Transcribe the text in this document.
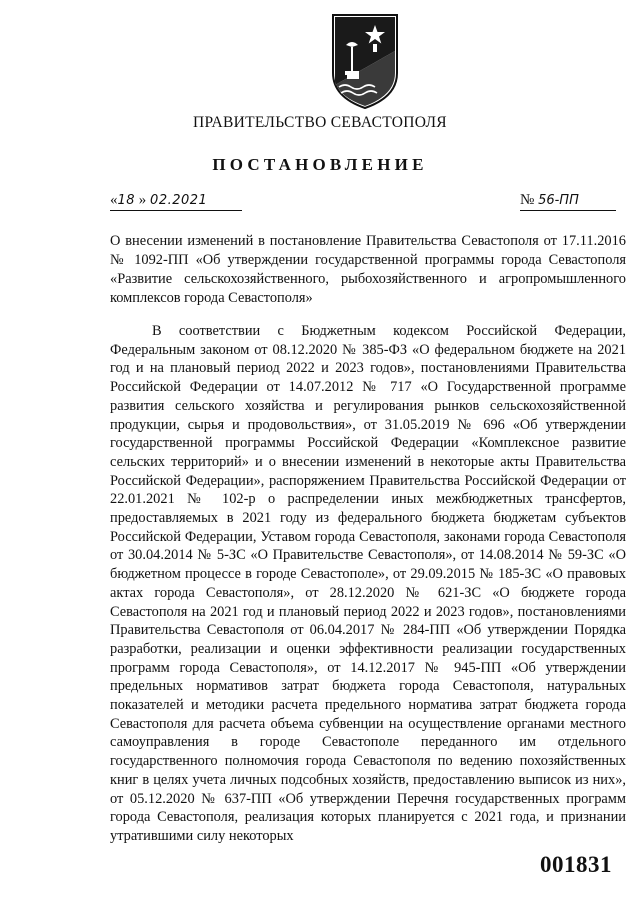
ПРАВИТЕЛЬСТВО СЕВАСТОПОЛЯ
ПОСТАНОВЛЕНИЕ
«18 » 02.2021	№ 56-ПП
О внесении изменений в постановление Правительства Севастополя от 17.11.2016 № 1092-ПП «Об утверждении государственной программы города Севастополя «Развитие сельскохозяйственного, рыбохозяйственного и агропромышленного комплексов города Севастополя»
В соответствии с Бюджетным кодексом Российской Федерации, Федеральным законом от 08.12.2020 № 385-ФЗ «О федеральном бюджете на 2021 год и на плановый период 2022 и 2023 годов», постановлениями Правительства Российской Федерации от 14.07.2012 № 717 «О Государственной программе развития сельского хозяйства и регулирования рынков сельскохозяйственной продукции, сырья и продовольствия», от 31.05.2019 № 696 «Об утверждении государственной программы Российской Федерации «Комплексное развитие сельских территорий» и о внесении изменений в некоторые акты Правительства Российской Федерации», распоряжением Правительства Российской Федерации от 22.01.2021 № 102-р о распределении иных межбюджетных трансфертов, предоставляемых в 2021 году из федерального бюджета бюджетам субъектов Российской Федерации, Уставом города Севастополя, законами города Севастополя от 30.04.2014 № 5-ЗС «О Правительстве Севастополя», от 14.08.2014 № 59-ЗС «О бюджетном процессе в городе Севастополе», от 29.09.2015 № 185-ЗС «О правовых актах города Севастополя», от 28.12.2020 № 621-ЗС «О бюджете города Севастополя на 2021 год и плановый период 2022 и 2023 годов», постановлениями Правительства Севастополя от 06.04.2017 № 284-ПП «Об утверждении Порядка разработки, реализации и оценки эффективности реализации государственных программ города Севастополя», от 14.12.2017 № 945-ПП «Об утверждении предельных нормативов затрат бюджета города Севастополя, натуральных показателей и методики расчета предельного норматива затрат бюджета города Севастополя для расчета объема субвенции на осуществление органами местного самоуправления в городе Севастополе переданного им отдельного государственного полномочия города Севастополя по ведению похозяйственных книг в целях учета личных подсобных хозяйств, предоставлению выписок из них», от 05.12.2020 № 637-ПП «Об утверждении Перечня государственных программ города Севастополя, реализация которых планируется с 2021 года, и признании утратившими силу некоторых
001831
